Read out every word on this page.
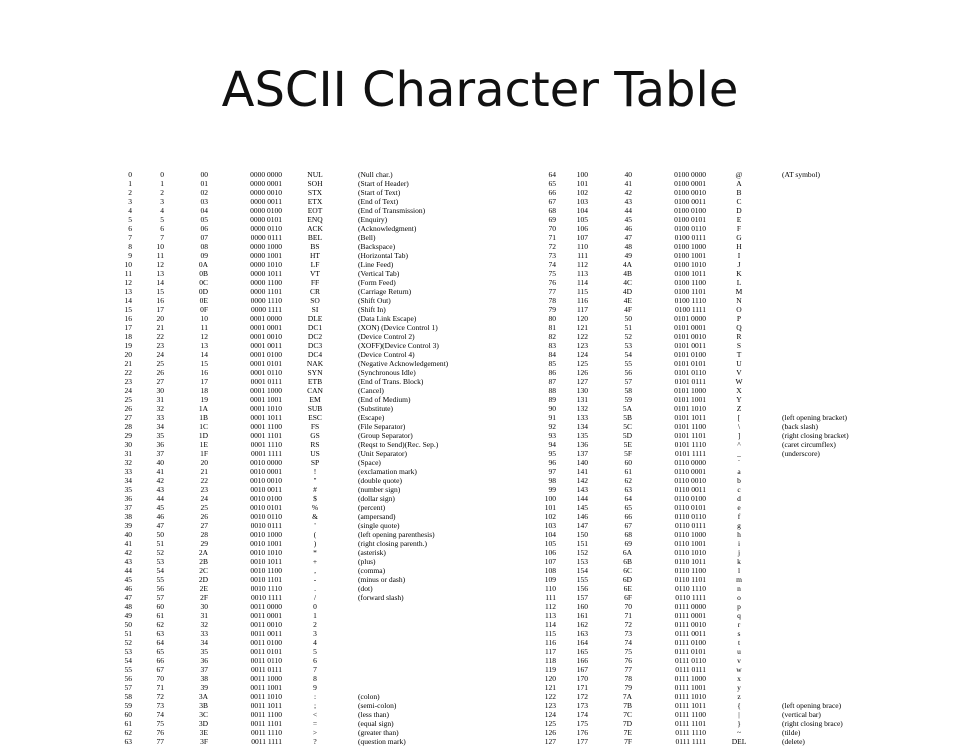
ASCII Character Table
0	0	00	0000 0000	NUL	(Null char.)
1	1	01	0000 0001	SOH	(Start of Header)
2	2	02	0000 0010	STX	(Start of Text)
3	3	03	0000 0011	ETX	(End of Text)
4	4	04	0000 0100	EOT	(End of Transmission)
5	5	05	0000 0101	ENQ	(Enquiry)
6	6	06	0000 0110	ACK	(Acknowledgment)
7	7	07	0000 0111	BEL	(Bell)
8	10	08	0000 1000	BS	(Backspace)
9	11	09	0000 1001	HT	(Horizontal Tab)
10	12	0A	0000 1010	LF	(Line Feed)
11	13	0B	0000 1011	VT	(Vertical Tab)
12	14	0C	0000 1100	FF	(Form Feed)
13	15	0D	0000 1101	CR	(Carriage Return)
14	16	0E	0000 1110	SO	(Shift Out)
15	17	0F	0000 1111	SI	(Shift In)
16	20	10	0001 0000	DLE	(Data Link Escape)
17	21	11	0001 0001	DC1	(XON) (Device Control 1)
18	22	12	0001 0010	DC2	(Device Control 2)
19	23	13	0001 0011	DC3	(XOFF)(Device Control 3)
20	24	14	0001 0100	DC4	(Device Control 4)
21	25	15	0001 0101	NAK	(Negative Acknowledgement)
22	26	16	0001 0110	SYN	(Synchronous Idle)
23	27	17	0001 0111	ETB	(End of Trans. Block)
24	30	18	0001 1000	CAN	(Cancel)
25	31	19	0001 1001	EM	(End of Medium)
26	32	1A	0001 1010	SUB	(Substitute)
27	33	1B	0001 1011	ESC	(Escape)
28	34	1C	0001 1100	FS	(File Separator)
29	35	1D	0001 1101	GS	(Group Separator)
30	36	1E	0001 1110	RS	(Reqst to Send)(Rec. Sep.)
31	37	1F	0001 1111	US	(Unit Separator)
32	40	20	0010 0000	SP	(Space)
33	41	21	0010 0001	!	(exclamation mark)
34	42	22	0010 0010	"	(double quote)
35	43	23	0010 0011	#	(number sign)
36	44	24	0010 0100	$	(dollar sign)
37	45	25	0010 0101	%	(percent)
38	46	26	0010 0110	&	(ampersand)
39	47	27	0010 0111	'	(single quote)
40	50	28	0010 1000	(	(left opening parenthesis)
41	51	29	0010 1001	)	(right closing parenth.)
42	52	2A	0010 1010	*	(asterisk)
43	53	2B	0010 1011	+	(plus)
44	54	2C	0010 1100	,	(comma)
45	55	2D	0010 1101	-	(minus or dash)
46	56	2E	0010 1110	.	(dot)
47	57	2F	0010 1111	/	(forward slash)
48	60	30	0011 0000	0
49	61	31	0011 0001	1
50	62	32	0011 0010	2
51	63	33	0011 0011	3
52	64	34	0011 0100	4
53	65	35	0011 0101	5
54	66	36	0011 0110	6
55	67	37	0011 0111	7
56	70	38	0011 1000	8
57	71	39	0011 1001	9
58	72	3A	0011 1010	:	(colon)
59	73	3B	0011 1011	;	(semi-colon)
60	74	3C	0011 1100	<	(less than)
61	75	3D	0011 1101	=	(equal sign)
62	76	3E	0011 1110	>	(greater than)
63	77	3F	0011 1111	?	(question mark)
64	100	40	0100 0000	@	(AT symbol)
65	101	41	0100 0001	A
66	102	42	0100 0010	B
67	103	43	0100 0011	C
68	104	44	0100 0100	D
69	105	45	0100 0101	E
70	106	46	0100 0110	F
71	107	47	0100 0111	G
72	110	48	0100 1000	H
73	111	49	0100 1001	I
74	112	4A	0100 1010	J
75	113	4B	0100 1011	K
76	114	4C	0100 1100	L
77	115	4D	0100 1101	M
78	116	4E	0100 1110	N
79	117	4F	0100 1111	O
80	120	50	0101 0000	P
81	121	51	0101 0001	Q
82	122	52	0101 0010	R
83	123	53	0101 0011	S
84	124	54	0101 0100	T
85	125	55	0101 0101	U
86	126	56	0101 0110	V
87	127	57	0101 0111	W
88	130	58	0101 1000	X
89	131	59	0101 1001	Y
90	132	5A	0101 1010	Z
91	133	5B	0101 1011	[	(left opening bracket)
92	134	5C	0101 1100	\	(back slash)
93	135	5D	0101 1101	]	(right closing bracket)
94	136	5E	0101 1110	^	(caret circumflex)
95	137	5F	0101 1111	_	(underscore)
96	140	60	0110 0000	`
97	141	61	0110 0001	a
98	142	62	0110 0010	b
99	143	63	0110 0011	c
100	144	64	0110 0100	d
101	145	65	0110 0101	e
102	146	66	0110 0110	f
103	147	67	0110 0111	g
104	150	68	0110 1000	h
105	151	69	0110 1001	i
106	152	6A	0110 1010	j
107	153	6B	0110 1011	k
108	154	6C	0110 1100	l
109	155	6D	0110 1101	m
110	156	6E	0110 1110	n
111	157	6F	0110 1111	o
112	160	70	0111 0000	p
113	161	71	0111 0001	q
114	162	72	0111 0010	r
115	163	73	0111 0011	s
116	164	74	0111 0100	t
117	165	75	0111 0101	u
118	166	76	0111 0110	v
119	167	77	0111 0111	w
120	170	78	0111 1000	x
121	171	79	0111 1001	y
122	172	7A	0111 1010	z
123	173	7B	0111 1011	{	(left opening brace)
124	174	7C	0111 1100	|	(vertical bar)
125	175	7D	0111 1101	}	(right closing brace)
126	176	7E	0111 1110	~	(tilde)
127	177	7F	0111 1111	DEL	(delete)
